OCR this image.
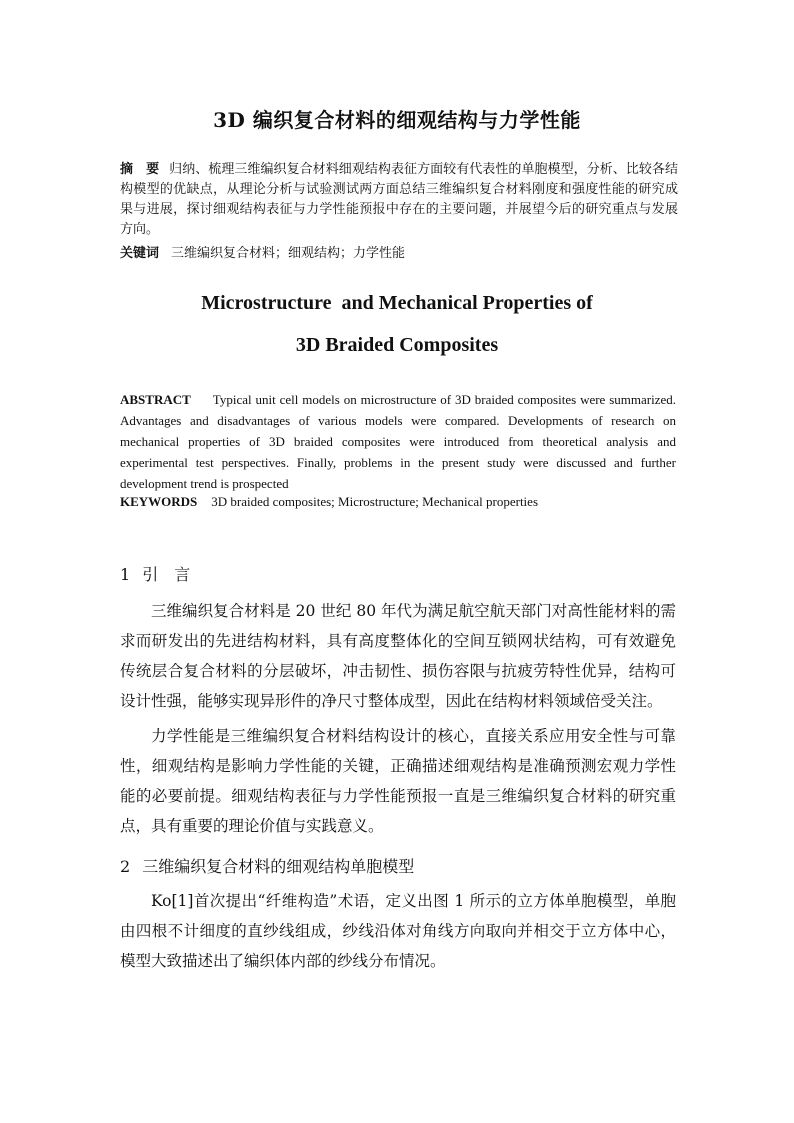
3D 编织复合材料的细观结构与力学性能
摘　要 归纳、梳理三维编织复合材料细观结构表征方面较有代表性的单胞模型，分析、比较各结构模型的优缺点，从理论分析与试验测试两方面总结三维编织复合材料刚度和强度性能的研究成果与进展，探讨细观结构表征与力学性能预报中存在的主要问题，并展望今后的研究重点与发展方向。
关键词 三维编织复合材料；细观结构；力学性能
Microstructure  and Mechanical Properties of
3D Braided Composites
ABSTRACT Typical unit cell models on microstructure of 3D braided composites were summarized. Advantages and disadvantages of various models were compared. Developments of research on mechanical properties of 3D braided composites were introduced from theoretical analysis and experimental test perspectives. Finally, problems in the present study were discussed and further development trend is prospected
KEYWORDS 3D braided composites; Microstructure; Mechanical properties
1 引　言
三维编织复合材料是 20 世纪 80 年代为满足航空航天部门对高性能材料的需求而研发出的先进结构材料，具有高度整体化的空间互锁网状结构，可有效避免传统层合复合材料的分层破坏，冲击韧性、损伤容限与抗疲劳特性优异，结构可设计性强，能够实现异形件的净尺寸整体成型，因此在结构材料领域倍受关注。
力学性能是三维编织复合材料结构设计的核心，直接关系应用安全性与可靠性，细观结构是影响力学性能的关键，正确描述细观结构是准确预测宏观力学性能的必要前提。细观结构表征与力学性能预报一直是三维编织复合材料的研究重点，具有重要的理论价值与实践意义。
2 三维编织复合材料的细观结构单胞模型
Ko[1]首次提出“纤维构造”术语，定义出图 1 所示的立方体单胞模型，单胞由四根不计细度的直纱线组成，纱线沿体对角线方向取向并相交于立方体中心，模型大致描述出了编织体内部的纱线分布情况。
